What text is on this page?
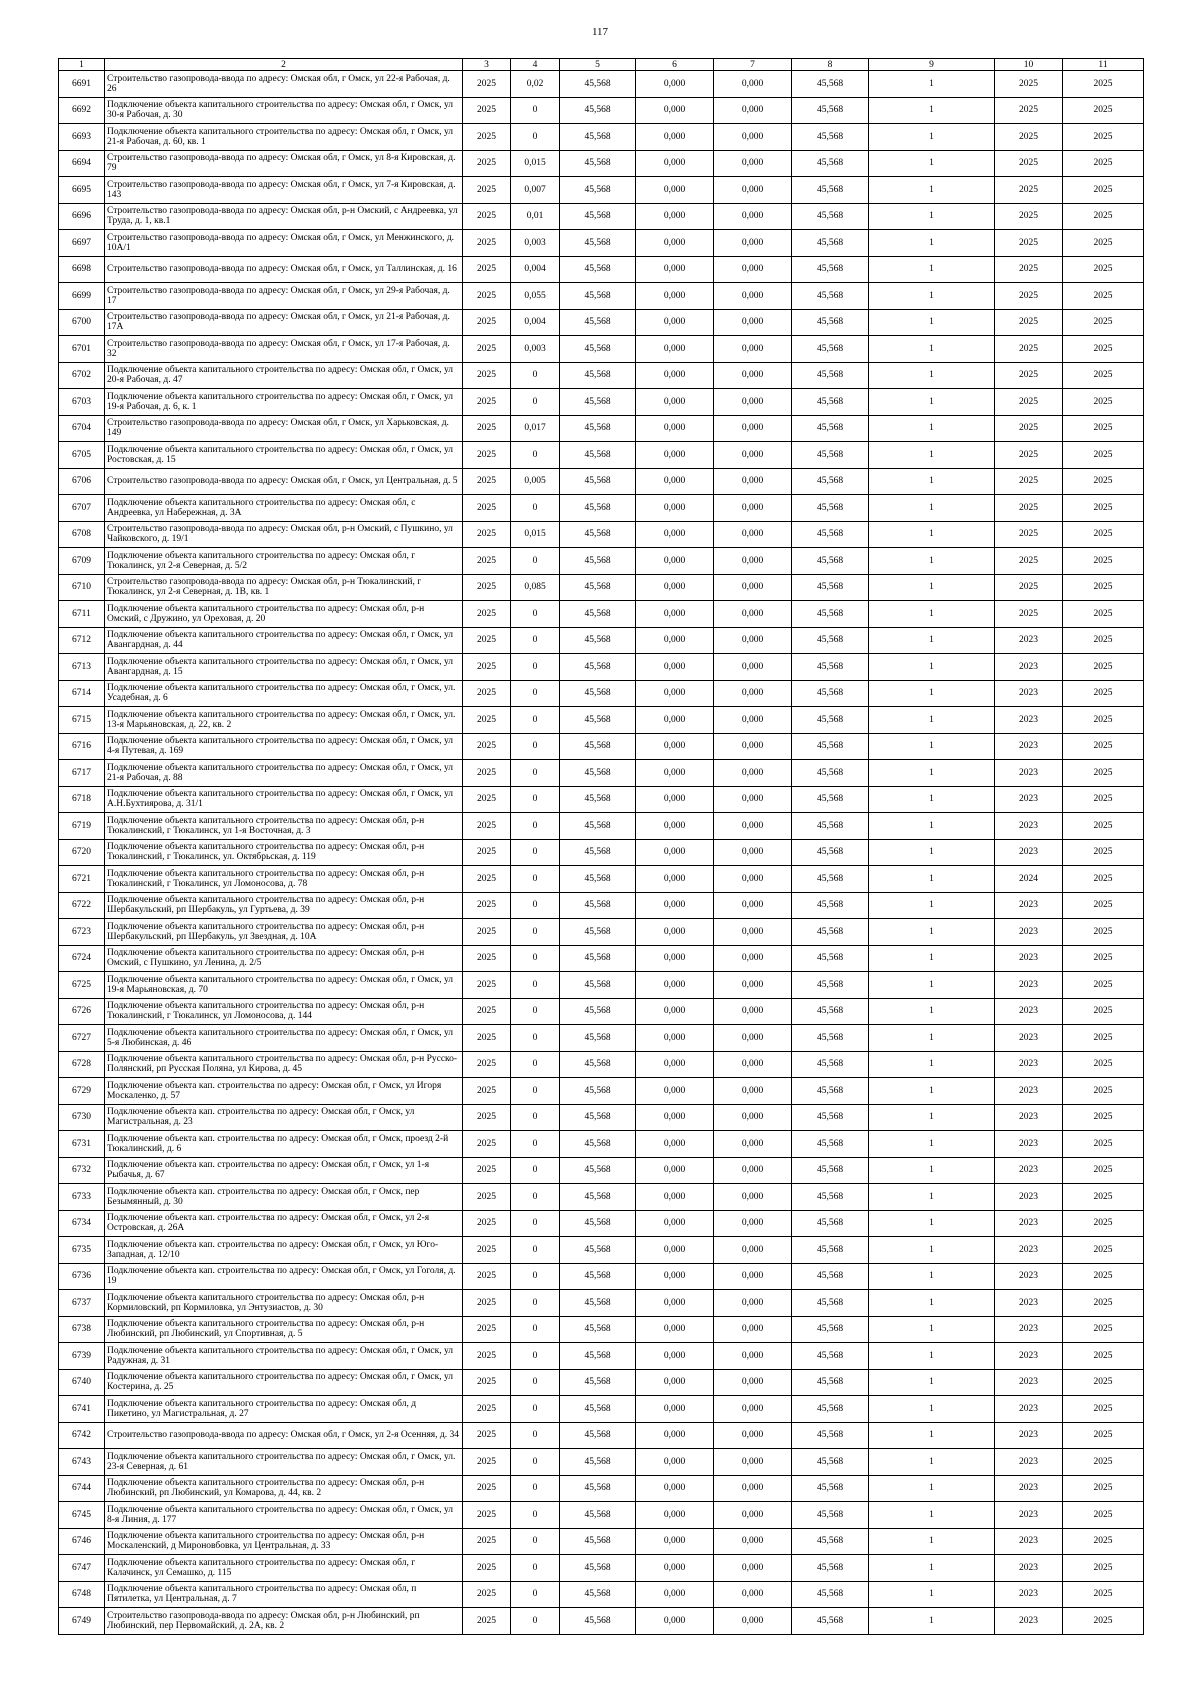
117
1	2	3	4	5	6	7	8	9	10	11
6691	Строительство газопровода-ввода по адресу: Омская обл, г Омск, ул 22-я Рабочая, д. 26	2025	0,02	45,568	0,000	0,000	45,568	1	2025	2025
6692	Подключение объекта капитального строительства по адресу: Омская обл, г Омск, ул 30-я Рабочая, д. 30	2025	0	45,568	0,000	0,000	45,568	1	2025	2025
6693	Подключение объекта капитального строительства по адресу: Омская обл, г Омск, ул 21-я Рабочая, д. 60, кв. 1	2025	0	45,568	0,000	0,000	45,568	1	2025	2025
6694	Строительство газопровода-ввода по адресу: Омская обл, г Омск, ул 8-я Кировская, д. 79	2025	0,015	45,568	0,000	0,000	45,568	1	2025	2025
6695	Строительство газопровода-ввода по адресу: Омская обл, г Омск, ул 7-я Кировская, д. 143	2025	0,007	45,568	0,000	0,000	45,568	1	2025	2025
6696	Строительство газопровода-ввода по адресу: Омская обл, р-н Омский, с Андреевка, ул Труда, д. 1, кв.1	2025	0,01	45,568	0,000	0,000	45,568	1	2025	2025
6697	Строительство газопровода-ввода по адресу: Омская обл, г Омск, ул Менжинского, д. 10А/1	2025	0,003	45,568	0,000	0,000	45,568	1	2025	2025
6698	Строительство газопровода-ввода по адресу: Омская обл, г Омск, ул Таллинская, д. 16	2025	0,004	45,568	0,000	0,000	45,568	1	2025	2025
6699	Строительство газопровода-ввода по адресу: Омская обл, г Омск, ул 29-я Рабочая, д. 17	2025	0,055	45,568	0,000	0,000	45,568	1	2025	2025
6700	Строительство газопровода-ввода по адресу: Омская обл, г Омск, ул 21-я Рабочая, д. 17А	2025	0,004	45,568	0,000	0,000	45,568	1	2025	2025
6701	Строительство газопровода-ввода по адресу: Омская обл, г Омск, ул 17-я Рабочая, д. 32	2025	0,003	45,568	0,000	0,000	45,568	1	2025	2025
6702	Подключение объекта капитального строительства по адресу: Омская обл, г Омск, ул 20-я Рабочая, д. 47	2025	0	45,568	0,000	0,000	45,568	1	2025	2025
6703	Подключение объекта капитального строительства по адресу: Омская обл, г Омск, ул 19-я Рабочая, д. 6, к. 1	2025	0	45,568	0,000	0,000	45,568	1	2025	2025
6704	Строительство газопровода-ввода по адресу: Омская обл, г Омск, ул Харьковская, д. 149	2025	0,017	45,568	0,000	0,000	45,568	1	2025	2025
6705	Подключение объекта капитального строительства по адресу: Омская обл, г Омск, ул Ростовская, д. 15	2025	0	45,568	0,000	0,000	45,568	1	2025	2025
6706	Строительство газопровода-ввода по адресу: Омская обл, г Омск, ул Центральная, д. 5	2025	0,005	45,568	0,000	0,000	45,568	1	2025	2025
6707	Подключение объекта капитального строительства по адресу: Омская обл, с Андреевка, ул Набережная, д. 3А	2025	0	45,568	0,000	0,000	45,568	1	2025	2025
6708	Строительство газопровода-ввода по адресу: Омская обл, р-н Омский, с Пушкино, ул Чайковского, д. 19/1	2025	0,015	45,568	0,000	0,000	45,568	1	2025	2025
6709	Подключение объекта капитального строительства по адресу: Омская обл, г Тюкалинск, ул 2-я Северная, д. 5/2	2025	0	45,568	0,000	0,000	45,568	1	2025	2025
6710	Строительство газопровода-ввода по адресу: Омская обл, р-н Тюкалинский, г Тюкалинск, ул 2-я Северная, д. 1В, кв. 1	2025	0,085	45,568	0,000	0,000	45,568	1	2025	2025
6711	Подключение объекта капитального строительства по адресу: Омская обл, р-н Омский, с Дружино, ул Ореховая, д. 20	2025	0	45,568	0,000	0,000	45,568	1	2025	2025
6712	Подключение объекта капитального строительства по адресу: Омская обл, г Омск, ул Авангардная, д. 44	2025	0	45,568	0,000	0,000	45,568	1	2023	2025
6713	Подключение объекта капитального строительства по адресу: Омская обл, г Омск, ул Авангардная, д. 15	2025	0	45,568	0,000	0,000	45,568	1	2023	2025
6714	Подключение объекта капитального строительства по адресу: Омская обл, г Омск, ул. Усадебная, д. 6	2025	0	45,568	0,000	0,000	45,568	1	2023	2025
6715	Подключение объекта капитального строительства по адресу: Омская обл, г Омск, ул. 13-я Марьяновская, д. 22, кв. 2	2025	0	45,568	0,000	0,000	45,568	1	2023	2025
6716	Подключение объекта капитального строительства по адресу: Омская обл, г Омск, ул 4-я Путевая, д. 169	2025	0	45,568	0,000	0,000	45,568	1	2023	2025
6717	Подключение объекта капитального строительства по адресу: Омская обл, г Омск, ул 21-я Рабочая, д. 88	2025	0	45,568	0,000	0,000	45,568	1	2023	2025
6718	Подключение объекта капитального строительства по адресу: Омская обл, г Омск, ул А.Н.Бухтиярова, д. 31/1	2025	0	45,568	0,000	0,000	45,568	1	2023	2025
6719	Подключение объекта капитального строительства по адресу: Омская обл, р-н Тюкалинский, г Тюкалинск, ул 1-я Восточная, д. 3	2025	0	45,568	0,000	0,000	45,568	1	2023	2025
6720	Подключение объекта капитального строительства по адресу: Омская обл, р-н Тюкалинский, г Тюкалинск, ул. Октябрьская, д. 119	2025	0	45,568	0,000	0,000	45,568	1	2023	2025
6721	Подключение объекта капитального строительства по адресу: Омская обл, р-н Тюкалинский, г Тюкалинск, ул Ломоносова, д. 78	2025	0	45,568	0,000	0,000	45,568	1	2024	2025
6722	Подключение объекта капитального строительства по адресу: Омская обл, р-н Шербакульский, рп Шербакуль, ул Гуртьева, д. 39	2025	0	45,568	0,000	0,000	45,568	1	2023	2025
6723	Подключение объекта капитального строительства по адресу: Омская обл, р-н Шербакульский, рп Шербакуль, ул Звездная, д. 10А	2025	0	45,568	0,000	0,000	45,568	1	2023	2025
6724	Подключение объекта капитального строительства по адресу: Омская обл, р-н Омский, с Пушкино, ул Ленина, д. 2/5	2025	0	45,568	0,000	0,000	45,568	1	2023	2025
6725	Подключение объекта капитального строительства по адресу: Омская обл, г Омск, ул 19-я Марьяновская, д. 70	2025	0	45,568	0,000	0,000	45,568	1	2023	2025
6726	Подключение объекта капитального строительства по адресу: Омская обл, р-н Тюкалинский, г Тюкалинск, ул Ломоносова, д. 144	2025	0	45,568	0,000	0,000	45,568	1	2023	2025
6727	Подключение объекта капитального строительства по адресу: Омская обл, г Омск, ул 5-я Любинская, д. 46	2025	0	45,568	0,000	0,000	45,568	1	2023	2025
6728	Подключение объекта капитального строительства по адресу: Омская обл, р-н Русско-Полянский, рп Русская Поляна, ул Кирова, д. 45	2025	0	45,568	0,000	0,000	45,568	1	2023	2025
6729	Подключение объекта кап. строительства по адресу: Омская обл, г Омск, ул Игоря Москаленко, д. 57	2025	0	45,568	0,000	0,000	45,568	1	2023	2025
6730	Подключение объекта кап. строительства по адресу: Омская обл, г Омск, ул Магистральная, д. 23	2025	0	45,568	0,000	0,000	45,568	1	2023	2025
6731	Подключение объекта кап. строительства по адресу: Омская обл, г Омск, проезд 2-й Тюкалинский, д. 6	2025	0	45,568	0,000	0,000	45,568	1	2023	2025
6732	Подключение объекта кап. строительства по адресу: Омская обл, г Омск, ул 1-я Рыбачья, д. 67	2025	0	45,568	0,000	0,000	45,568	1	2023	2025
6733	Подключение объекта кап. строительства по адресу: Омская обл, г Омск, пер Безымянный, д. 30	2025	0	45,568	0,000	0,000	45,568	1	2023	2025
6734	Подключение объекта кап. строительства по адресу: Омская обл, г Омск, ул 2-я Островская, д. 26А	2025	0	45,568	0,000	0,000	45,568	1	2023	2025
6735	Подключение объекта кап. строительства по адресу: Омская обл, г Омск, ул Юго-Западная, д. 12/10	2025	0	45,568	0,000	0,000	45,568	1	2023	2025
6736	Подключение объекта кап. строительства по адресу: Омская обл, г Омск, ул Гоголя, д. 19	2025	0	45,568	0,000	0,000	45,568	1	2023	2025
6737	Подключение объекта капитального строительства по адресу: Омская обл, р-н Кормиловский, рп Кормиловка, ул Энтузиастов, д. 30	2025	0	45,568	0,000	0,000	45,568	1	2023	2025
6738	Подключение объекта капитального строительства по адресу: Омская обл, р-н Любинский, рп Любинский, ул Спортивная, д. 5	2025	0	45,568	0,000	0,000	45,568	1	2023	2025
6739	Подключение объекта капитального строительства по адресу: Омская обл, г Омск, ул Радужная, д. 31	2025	0	45,568	0,000	0,000	45,568	1	2023	2025
6740	Подключение объекта капитального строительства по адресу: Омская обл, г Омск, ул Костерина, д. 25	2025	0	45,568	0,000	0,000	45,568	1	2023	2025
6741	Подключение объекта капитального строительства по адресу: Омская обл, д Пикетино, ул Магистральная, д. 27	2025	0	45,568	0,000	0,000	45,568	1	2023	2025
6742	Строительство газопровода-ввода по адресу: Омская обл, г Омск, ул 2-я Осенняя, д. 34	2025	0	45,568	0,000	0,000	45,568	1	2023	2025
6743	Подключение объекта капитального строительства по адресу: Омская обл, г Омск, ул. 23-я Северная, д. 61	2025	0	45,568	0,000	0,000	45,568	1	2023	2025
6744	Подключение объекта капитального строительства по адресу: Омская обл, р-н Любинский, рп Любинский, ул Комарова, д. 44, кв. 2	2025	0	45,568	0,000	0,000	45,568	1	2023	2025
6745	Подключение объекта капитального строительства по адресу: Омская обл, г Омск, ул 8-я Линия, д. 177	2025	0	45,568	0,000	0,000	45,568	1	2023	2025
6746	Подключение объекта капитального строительства по адресу: Омская обл, р-н Москаленский, д Мироновбовка, ул Центральная, д. 33	2025	0	45,568	0,000	0,000	45,568	1	2023	2025
6747	Подключение объекта капитального строительства по адресу: Омская обл, г Калачинск, ул Семашко, д. 115	2025	0	45,568	0,000	0,000	45,568	1	2023	2025
6748	Подключение объекта капитального строительства по адресу: Омская обл, п Пятилетка, ул Центральная, д. 7	2025	0	45,568	0,000	0,000	45,568	1	2023	2025
6749	Строительство газопровода-ввода по адресу: Омская обл, р-н Любинский, рп Любинский, пер Первомайский, д. 2А, кв. 2	2025	0	45,568	0,000	0,000	45,568	1	2023	2025
